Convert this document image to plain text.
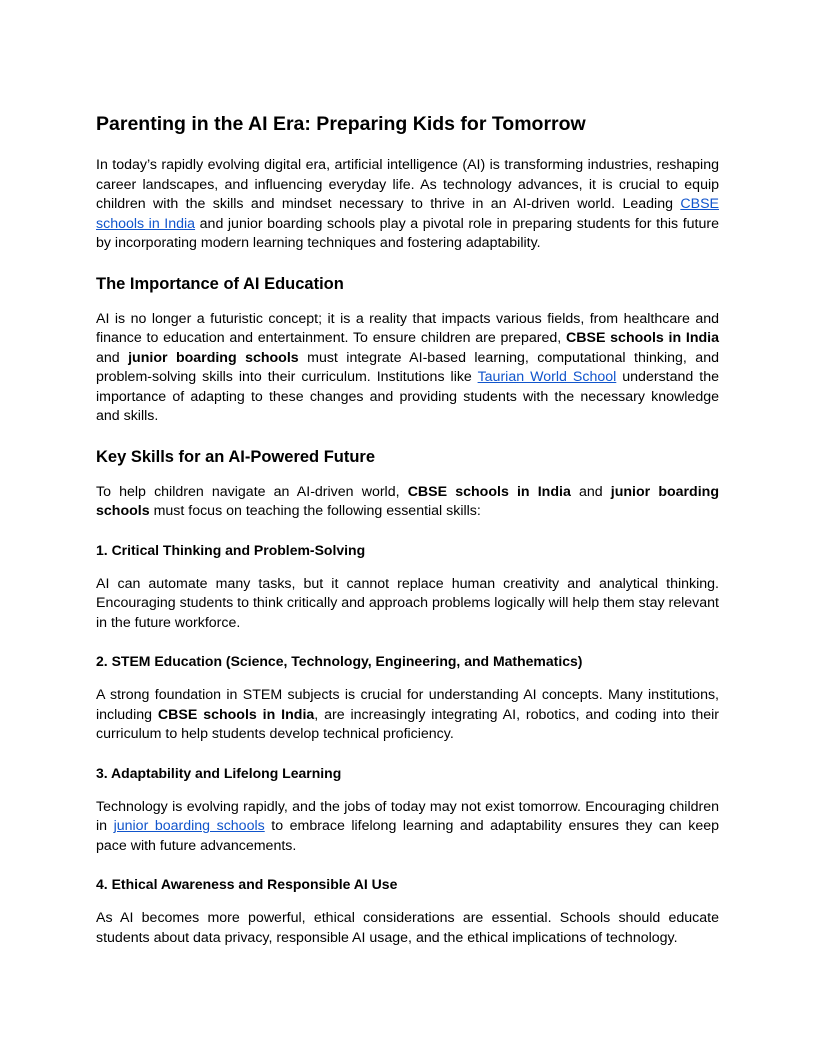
Parenting in the AI Era: Preparing Kids for Tomorrow

In today’s rapidly evolving digital era, artificial intelligence (AI) is transforming industries, reshaping career landscapes, and influencing everyday life. As technology advances, it is crucial to equip children with the skills and mindset necessary to thrive in an AI-driven world. Leading CBSE schools in India and junior boarding schools play a pivotal role in preparing students for this future by incorporating modern learning techniques and fostering adaptability.

The Importance of AI Education

AI is no longer a futuristic concept; it is a reality that impacts various fields, from healthcare and finance to education and entertainment. To ensure children are prepared, CBSE schools in India and junior boarding schools must integrate AI-based learning, computational thinking, and problem-solving skills into their curriculum. Institutions like Taurian World School understand the importance of adapting to these changes and providing students with the necessary knowledge and skills.

Key Skills for an AI-Powered Future

To help children navigate an AI-driven world, CBSE schools in India and junior boarding schools must focus on teaching the following essential skills:

1. Critical Thinking and Problem-Solving

AI can automate many tasks, but it cannot replace human creativity and analytical thinking. Encouraging students to think critically and approach problems logically will help them stay relevant in the future workforce.

2. STEM Education (Science, Technology, Engineering, and Mathematics)

A strong foundation in STEM subjects is crucial for understanding AI concepts. Many institutions, including CBSE schools in India, are increasingly integrating AI, robotics, and coding into their curriculum to help students develop technical proficiency.

3. Adaptability and Lifelong Learning

Technology is evolving rapidly, and the jobs of today may not exist tomorrow. Encouraging children in junior boarding schools to embrace lifelong learning and adaptability ensures they can keep pace with future advancements.

4. Ethical Awareness and Responsible AI Use

As AI becomes more powerful, ethical considerations are essential. Schools should educate students about data privacy, responsible AI usage, and the ethical implications of technology.
